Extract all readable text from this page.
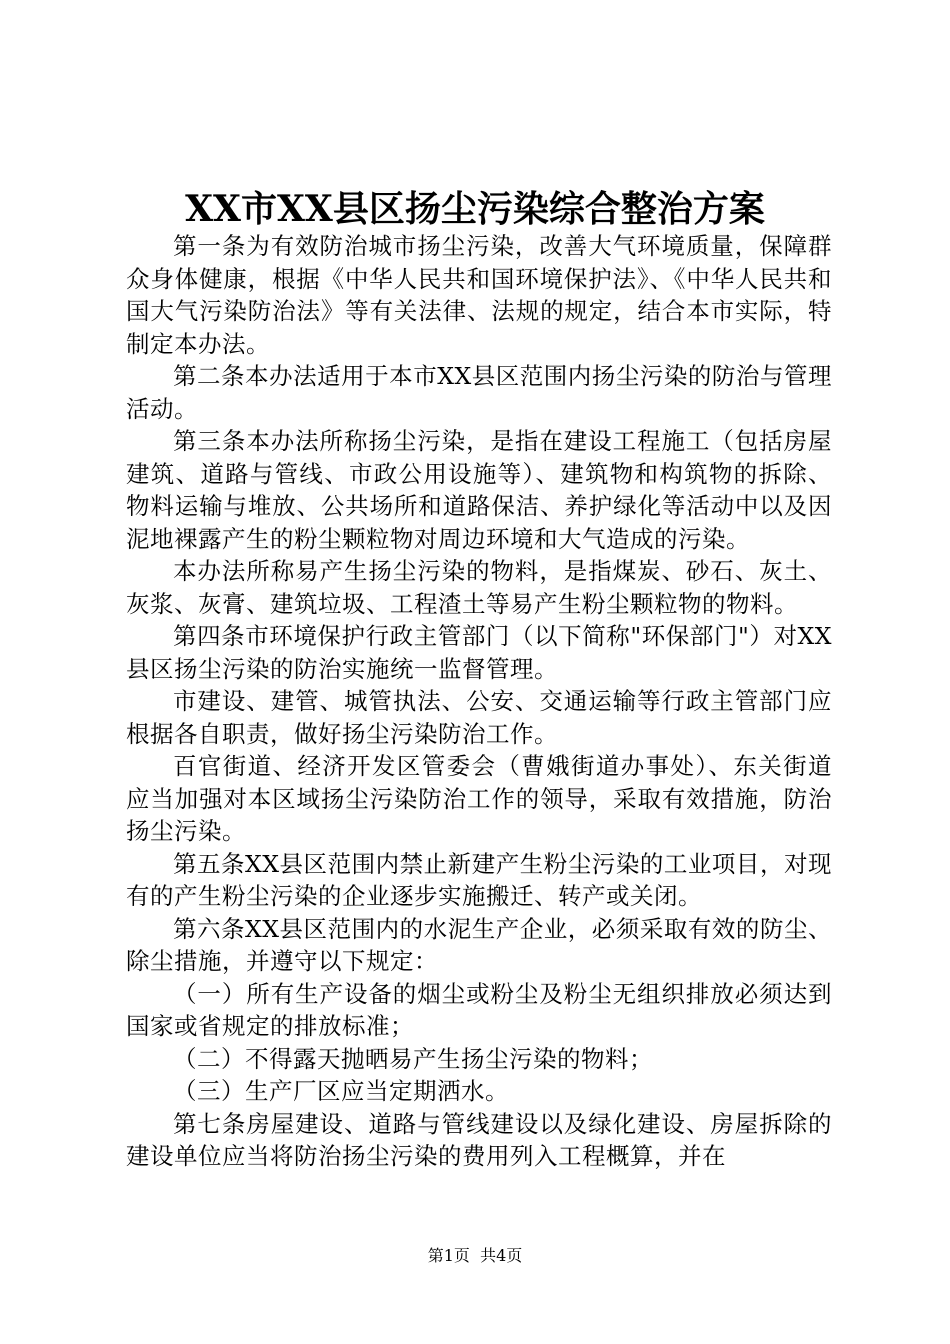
XX市XX县区扬尘污染综合整治方案

第一条为有效防治城市扬尘污染，改善大气环境质量，保障群众身体健康，根据《中华人民共和国环境保护法》、《中华人民共和国大气污染防治法》等有关法律、法规的规定，结合本市实际，特制定本办法。

第二条本办法适用于本市XX县区范围内扬尘污染的防治与管理活动。

第三条本办法所称扬尘污染，是指在建设工程施工（包括房屋建筑、道路与管线、市政公用设施等）、建筑物和构筑物的拆除、物料运输与堆放、公共场所和道路保洁、养护绿化等活动中以及因泥地裸露产生的粉尘颗粒物对周边环境和大气造成的污染。

本办法所称易产生扬尘污染的物料，是指煤炭、砂石、灰土、灰浆、灰膏、建筑垃圾、工程渣土等易产生粉尘颗粒物的物料。

第四条市环境保护行政主管部门（以下简称"环保部门"）对XX县区扬尘污染的防治实施统一监督管理。

市建设、建管、城管执法、公安、交通运输等行政主管部门应根据各自职责，做好扬尘污染防治工作。

百官街道、经济开发区管委会（曹娥街道办事处）、东关街道应当加强对本区域扬尘污染防治工作的领导，采取有效措施，防治扬尘污染。

第五条XX县区范围内禁止新建产生粉尘污染的工业项目，对现有的产生粉尘污染的企业逐步实施搬迁、转产或关闭。

第六条XX县区范围内的水泥生产企业，必须采取有效的防尘、除尘措施，并遵守以下规定：

（一）所有生产设备的烟尘或粉尘及粉尘无组织排放必须达到国家或省规定的排放标准；

（二）不得露天抛晒易产生扬尘污染的物料；

（三）生产厂区应当定期洒水。

第七条房屋建设、道路与管线建设以及绿化建设、房屋拆除的建设单位应当将防治扬尘污染的费用列入工程概算，并在

第1页 共4页
